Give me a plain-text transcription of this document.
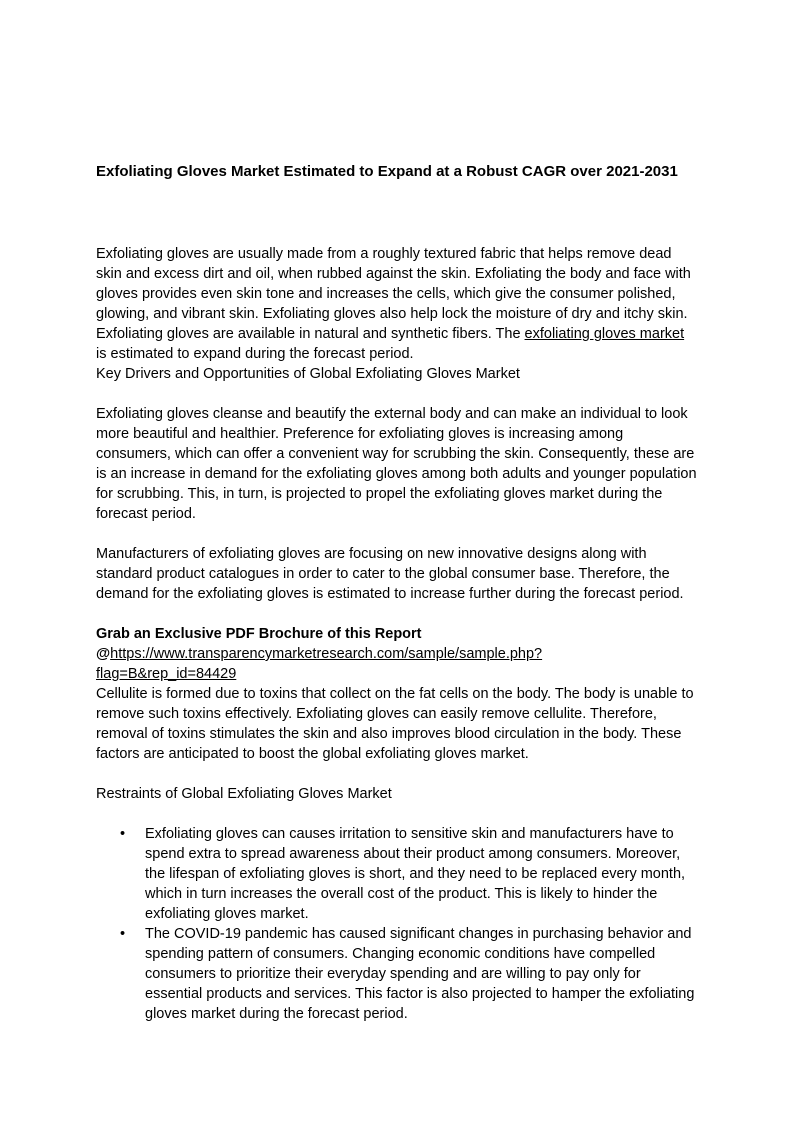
Exfoliating Gloves Market Estimated to Expand at a Robust CAGR over 2021-2031

Exfoliating gloves are usually made from a roughly textured fabric that helps remove dead skin and excess dirt and oil, when rubbed against the skin. Exfoliating the body and face with gloves provides even skin tone and increases the cells, which give the consumer polished, glowing, and vibrant skin. Exfoliating gloves also help lock the moisture of dry and itchy skin. Exfoliating gloves are available in natural and synthetic fibers. The exfoliating gloves market is estimated to expand during the forecast period.

Key Drivers and Opportunities of Global Exfoliating Gloves Market

Exfoliating gloves cleanse and beautify the external body and can make an individual to look more beautiful and healthier. Preference for exfoliating gloves is increasing among consumers, which can offer a convenient way for scrubbing the skin. Consequently, these are is an increase in demand for the exfoliating gloves among both adults and younger population for scrubbing. This, in turn, is projected to propel the exfoliating gloves market during the forecast period.

Manufacturers of exfoliating gloves are focusing on new innovative designs along with standard product catalogues in order to cater to the global consumer base. Therefore, the demand for the exfoliating gloves is estimated to increase further during the forecast period.

Grab an Exclusive PDF Brochure of this Report @https://www.transparencymarketresearch.com/sample/sample.php?flag=B&rep_id=84429

Cellulite is formed due to toxins that collect on the fat cells on the body. The body is unable to remove such toxins effectively. Exfoliating gloves can easily remove cellulite. Therefore, removal of toxins stimulates the skin and also improves blood circulation in the body. These factors are anticipated to boost the global exfoliating gloves market.

Restraints of Global Exfoliating Gloves Market

•	Exfoliating gloves can causes irritation to sensitive skin and manufacturers have to spend extra to spread awareness about their product among consumers. Moreover, the lifespan of exfoliating gloves is short, and they need to be replaced every month, which in turn increases the overall cost of the product. This is likely to hinder the exfoliating gloves market.
•	The COVID-19 pandemic has caused significant changes in purchasing behavior and spending pattern of consumers. Changing economic conditions have compelled consumers to prioritize their everyday spending and are willing to pay only for essential products and services. This factor is also projected to hamper the exfoliating gloves market during the forecast period.
